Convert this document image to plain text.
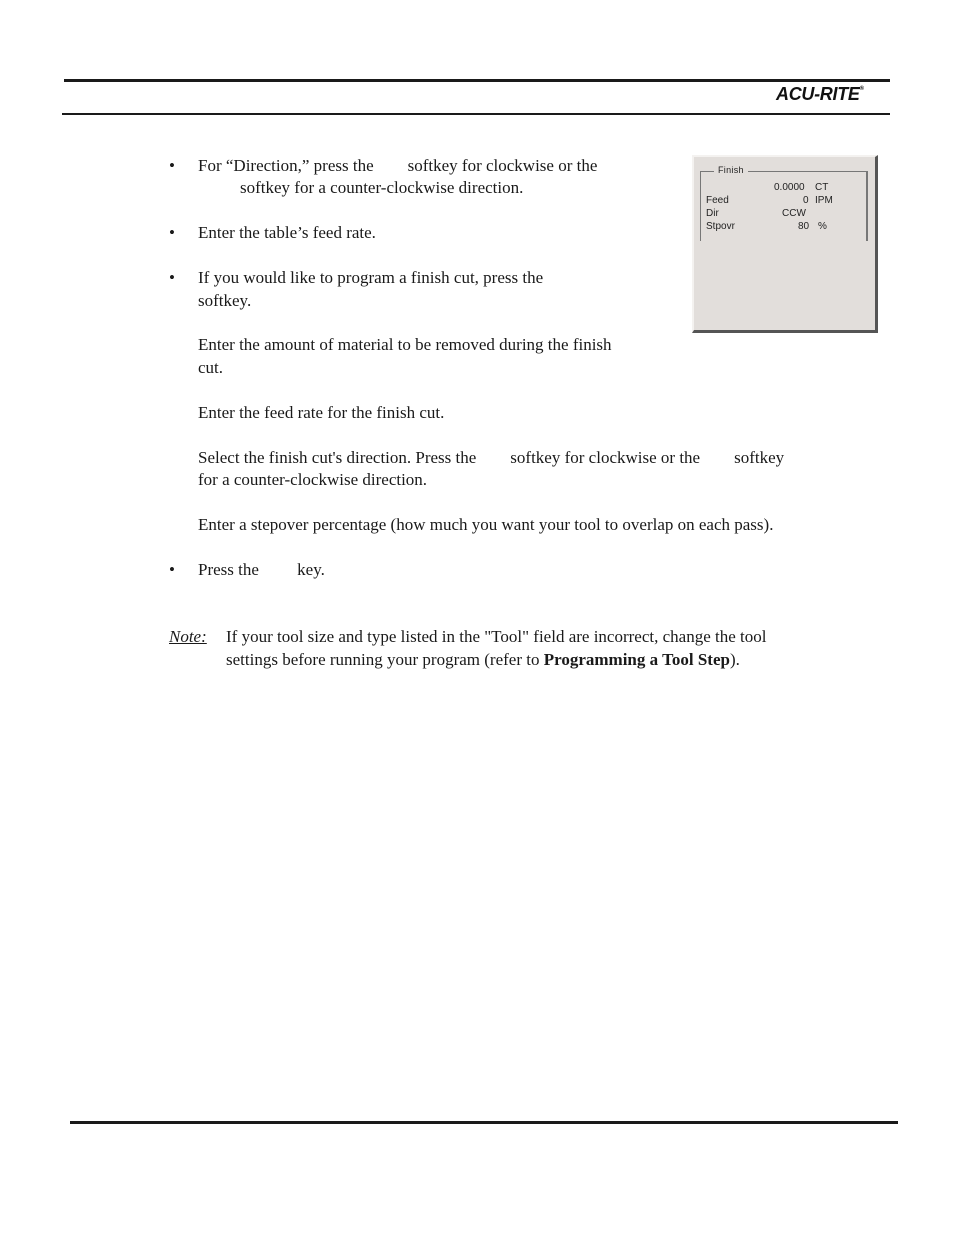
ACU-RITE®
• For “Direction,” press the        softkey for clockwise or the
softkey for a counter-clockwise direction.
• Enter the table’s feed rate.
• If you would like to program a finish cut, press the
softkey.
Enter the amount of material to be removed during the finish
cut.
Enter the feed rate for the finish cut.
Select the finish cut's direction. Press the        softkey for clockwise or the        softkey
for a counter-clockwise direction.
Enter a stepover percentage (how much you want your tool to overlap on each pass).
• Press the         key.
Note: If your tool size and type listed in the "Tool" field are incorrect, change the tool
settings before running your program (refer to Programming a Tool Step).
Finish
0.0000 CT
Feed	0 IPM
Dir	CCW
Stpovr	80 %
